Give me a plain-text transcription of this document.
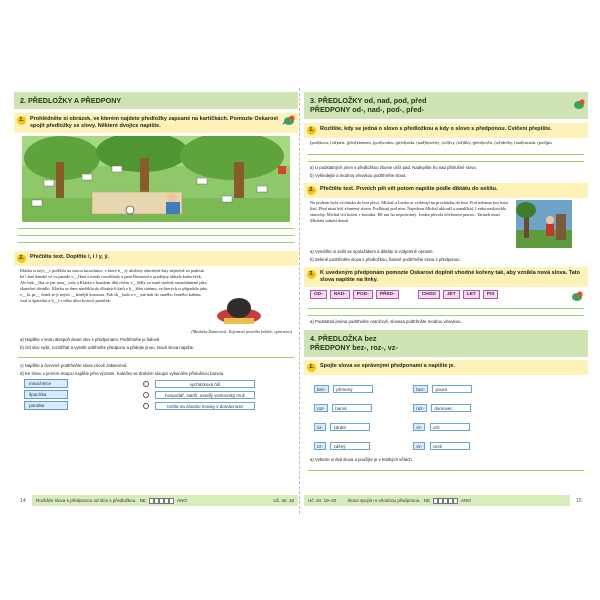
2. PŘEDLOŽKY A PŘEDPONY
1.	Prohlédněte si obrázek, ve kterém najdete předložky zapsané na kartičkách. Pomozte Oskarovi spojit předložky se slovy. Některé dvojice napište.
2.	Přečtěte text. Doplňte i, í / y, ý.
Klárka si nejv__c potěšila na starou mouchnici, v které b__ly uloženy obnošené šaty nejméně za padesát let! Jmé ženské ve vs paráde v__ľkou z módy rozstřihaly a paní Berinová z prodejny ukkala kobereček. Ale bab__čka se jen usm__vala a Klárka s houslem děti občas v__lédly za staré stodoly nasmlahnené jako skutečné divadlo. Klárka se dnes navlékla do dlouhých šatů z b__lého satému, ve kterých si připadala jako v__la, pr__ čemž se jí nejvíc __benější korunou. Pak sh__bala z v__mé halt do starého černého kabátu, vzal si špacírku a b__l z něho úbor hotový panáček.
(Markéta Zinnerová: Tajemství pravého koláče, upraveno)
a) Najděte v textu alespoň deset slov s předponami. Podtrhněte je fialově.
b) Od slov vyšit, rozstřihat a vyletět odtrhněte předponu a přidejte jinou. Nová slova napište.
c) Najděte a červeně podtrhněte slova citově zabarvená.
d) Ke slovu v prvním sloupci najděte jeho význam. Kolečko ve druhém sloupci vybarvěte příslušnou barvou.
mouchnice	vycházková hůl
špacírka	hospodář, starší, usedlý venkovský muž
pantáta	truhla na zásobu mouky v domácnosti
14	Rozlišim slova s předponou od slov s předložkou. NE	ANO	Uč. str. 18
3. PŘEDLOŽKY od, nad, pod, před
PŘEDPONY od-, nad-, pod-, před-
1.	Rozlište, kdy se jedná o slovo s předložkou a kdy o slovo s předponou. Cvičení přepište.
(pod)kova, (od)nést, (před)domem, (pod)vodou, (před)sedа, (nad)bytečný, (od)lvy, (od)líky, (před)zvěst, (od)dečky, (nad)ostatní, (pod)pis
a) U podstatných jmen s předložkou zkuste určit pád. Nadepište ho nad příslušné slovo.
b) Vyhledejte a modrou vlnovkou podtrhněte slova.
2.	Přečtěte text. Prvních pět vět potom napište podle diktátu do sešitu.
Na podzim byla vycházka do lesa přeci. Michal a Lenka se vydávají na procházku do lesa. Pod nohama jim šustí listí. Před nimi leží zlomený strom. Podlézají pod ním. Najednou Michal ukloužl a zanaklkal. Lenka naslouchla starochy. Michal cítí bolest v kotníku. Hé mu ho nepohvatný. Lenka přivolá telefonem pomoc. Tatínek musí Michala odnést domů.
a) Vyměňte si sešit se spolužákem a diktáty si vzájemně opravte.
b) Zeleně podtrhněte slova s předložkou, fialově podtrhněte slova s předponou.
3.	K uvedeným předponám pomozte Oskarovi doplnit vhodné kořeny tak, aby vznikla nová slova. Tato slova napište na linky.
OD-	NAD-	POD-	PŘED-	CHOD	JET	LET	PIS
a) Podstatná jména podtrhněte oranžově, slovesa podtrhněte modrou vlnovkou.
4. PŘEDLOŽKA bez
PŘEDPONY bez-, roz-, vz-
1.	Spojte slova se správnými předponami a napište je.
bez- přímený
roz- barvá
vz- zdrátit
vz- zděný
bez- poura
roz- domovec
vz- vzít
vz- cestí
a) Vyberte si dvě slova a použijte je v krátkých větách.
Uč. str. 19–20 Slovo spojím s vhodnou předponou. NE	ANO	15
